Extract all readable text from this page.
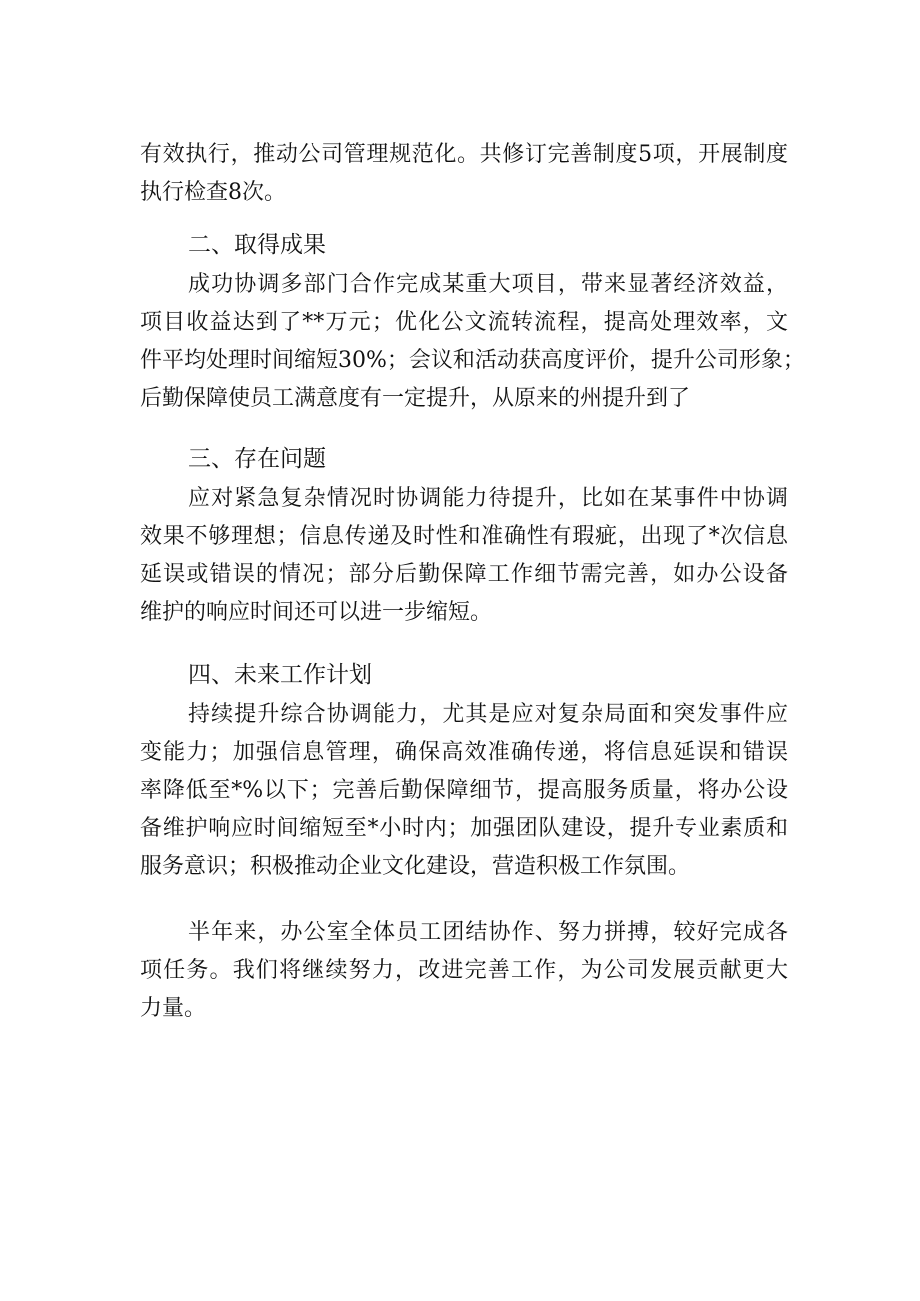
有效执行，推动公司管理规范化。共修订完善制度5项，开展制度
执行检查8次。
二、取得成果
成功协调多部门合作完成某重大项目，带来显著经济效益，
项目收益达到了**万元；优化公文流转流程，提高处理效率，文
件平均处理时间缩短30%；会议和活动获高度评价，提升公司形象；
后勤保障使员工满意度有一定提升，从原来的州提升到了
三、存在问题
应对紧急复杂情况时协调能力待提升，比如在某事件中协调
效果不够理想；信息传递及时性和准确性有瑕疵，出现了*次信息
延误或错误的情况；部分后勤保障工作细节需完善，如办公设备
维护的响应时间还可以进一步缩短。
四、未来工作计划
持续提升综合协调能力，尤其是应对复杂局面和突发事件应
变能力；加强信息管理，确保高效准确传递，将信息延误和错误
率降低至*%以下；完善后勤保障细节，提高服务质量，将办公设
备维护响应时间缩短至*小时内；加强团队建设，提升专业素质和
服务意识；积极推动企业文化建设，营造积极工作氛围。
半年来，办公室全体员工团结协作、努力拼搏，较好完成各
项任务。我们将继续努力，改进完善工作，为公司发展贡献更大
力量。
